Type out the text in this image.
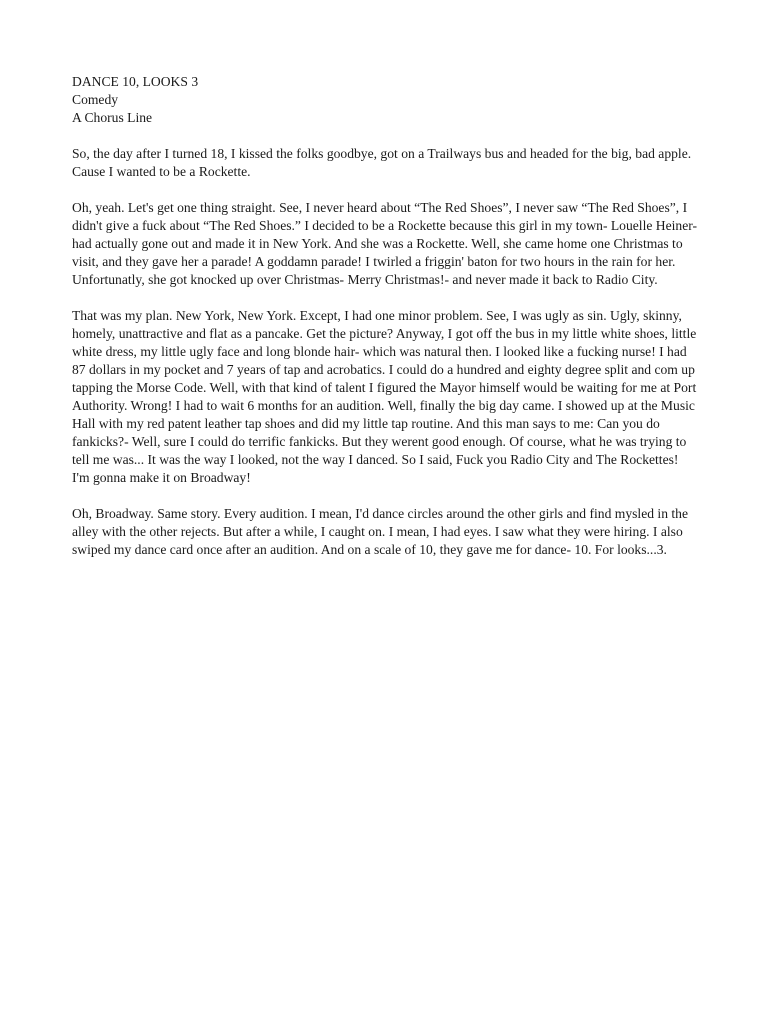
DANCE 10, LOOKS 3
Comedy
A Chorus Line

So, the day after I turned 18, I kissed the folks goodbye, got on a Trailways bus and headed for the big, bad apple. Cause I wanted to be a Rockette.

Oh, yeah. Let's get one thing straight. See, I never heard about “The Red Shoes”, I never saw “The Red Shoes”, I didn't give a fuck about “The Red Shoes.” I decided to be a Rockette because this girl in my town- Louelle Heiner- had actually gone out and made it in New York. And she was a Rockette. Well, she came home one Christmas to visit, and they gave her a parade! A goddamn parade! I twirled a friggin' baton for two hours in the rain for her. Unfortunatly, she got knocked up over Christmas- Merry Christmas!- and never made it back to Radio City.

That was my plan. New York, New York. Except, I had one minor problem. See, I was ugly as sin. Ugly, skinny, homely, unattractive and flat as a pancake. Get the picture? Anyway, I got off the bus in my little white shoes, little white dress, my little ugly face and long blonde hair- which was natural then. I looked like a fucking nurse! I had 87 dollars in my pocket and 7 years of tap and acrobatics. I could do a hundred and eighty degree split and com up tapping the Morse Code. Well, with that kind of talent I figured the Mayor himself would be waiting for me at Port Authority. Wrong! I had to wait 6 months for an audition. Well, finally the big day came. I showed up at the Music Hall with my red patent leather tap shoes and did my little tap routine. And this man says to me: Can you do fankicks?- Well, sure I could do terrific fankicks. But they werent good enough. Of course, what he was trying to tell me was... It was the way I looked, not the way I danced. So I said, Fuck you Radio City and The Rockettes! I'm gonna make it on Broadway!

Oh, Broadway. Same story. Every audition. I mean, I'd dance circles around the other girls and find mysled in the alley with the other rejects. But after a while, I caught on. I mean, I had eyes. I saw what they were hiring. I also swiped my dance card once after an audition. And on a scale of 10, they gave me for dance- 10. For looks...3.
